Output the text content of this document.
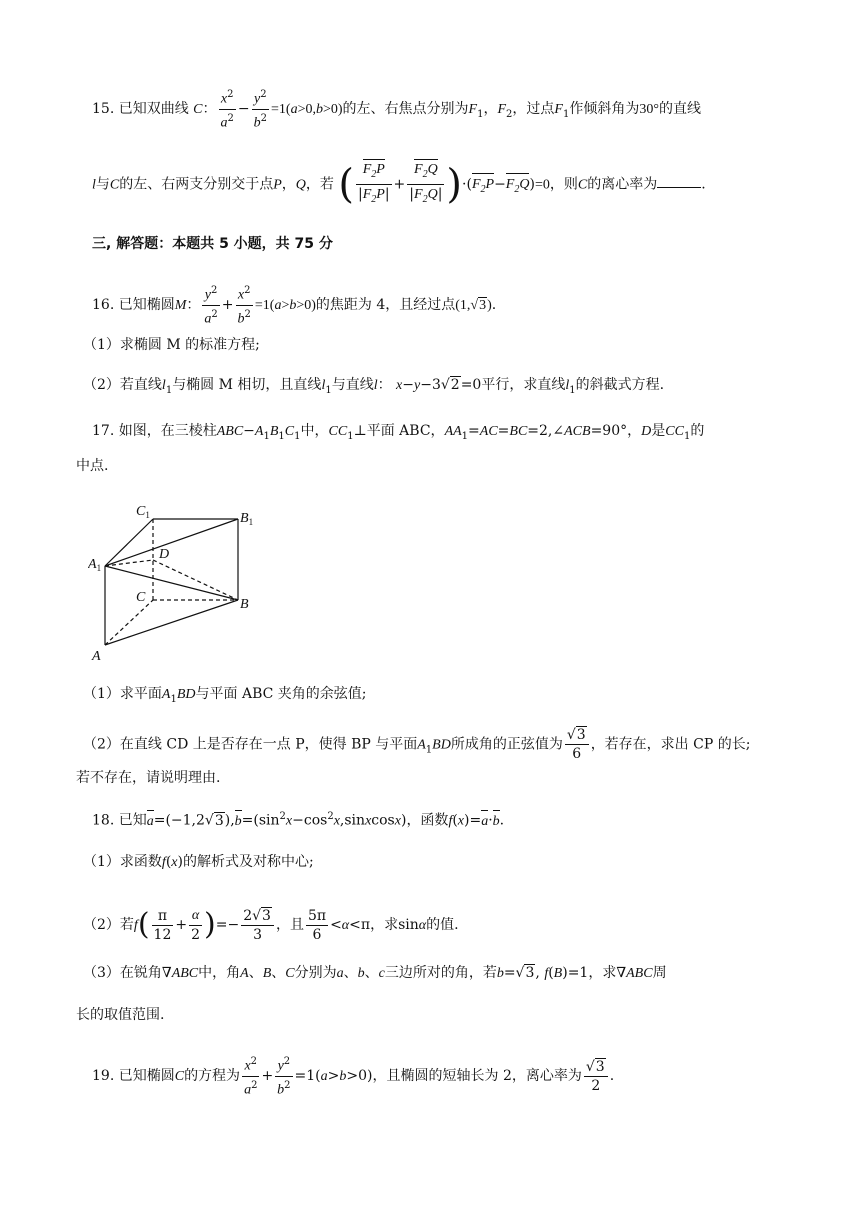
15. 已知双曲线 C： $\frac{x^2}{a^2} - \frac{y^2}{b^2} =1(a>0,b>0)$的左、右焦点分别为$F_1$，$F_2$，过点$F_1$作倾斜角为30°的直线
l与C的左、右两支分别交于点P，Q，若 ( $\frac{F_2P}{|F_2P|} + \frac{F_2Q}{|F_2Q|} )\cdot(F_2P-F_2Q)=0$，则C的离心率为	.
三, 解答题：本题共 5 小题，共 75 分
16. 已知椭圆M： $\frac{y^2}{a^2} + \frac{x^2}{b^2} =1(a>b>0)$的焦距为 4，且经过点(1,√3).
（1）求椭圆 M 的标准方程;
（2）若直线$l_1$与椭圆 M 相切，且直线$l_1$与直线l： x−y−3√2=0平行，求直线$l_1$的斜截式方程.
17. 如图，在三棱柱$ABC-A_1B_1C_1$中，$CC_1\perp$平面 ABC，$AA_1=AC=BC=2,\angle ACB=90^\circ$，D是$CC_1$的
中点.
$C_1$	$B_1$
$A_1$
D
C	B
A
（1）求平面$A_1BD$与平面 ABC 夹角的余弦值;
（2）在直线 CD 上是否存在一点 P，使得 BP 与平面$A_1BD$所成角的正弦值为 $\frac{√3}{6}$ ，若存在，求出 CP 的长;
若不存在，请说明理由.
18. 已知$a=(-1,2√3),b=(\sin^2x-\cos^2x,sinxcosx)$，函数f(x)=a·b.
（1）求函数f(x)的解析式及对称中心;
（2）若$f( \frac{\pi}{12} + \frac{\alpha}{2}$ )=− $\frac{2√3}{3}$ ，且 $\frac{5\pi}{6} <\alpha<\pi$，求sinα的值.
（3）在锐角∇ABC中，角A、B、C分别为a、b、c三边所对的角，若b=√3, f(B)=1，求∇ABC周
长的取值范围.
19. 已知椭圆C的方程为 $\frac{x^2}{a^2} + \frac{y^2}{b^2} =1(a>b>0)$，且椭圆的短轴长为 2，离心率为 $\frac{√3}{2}$ .
